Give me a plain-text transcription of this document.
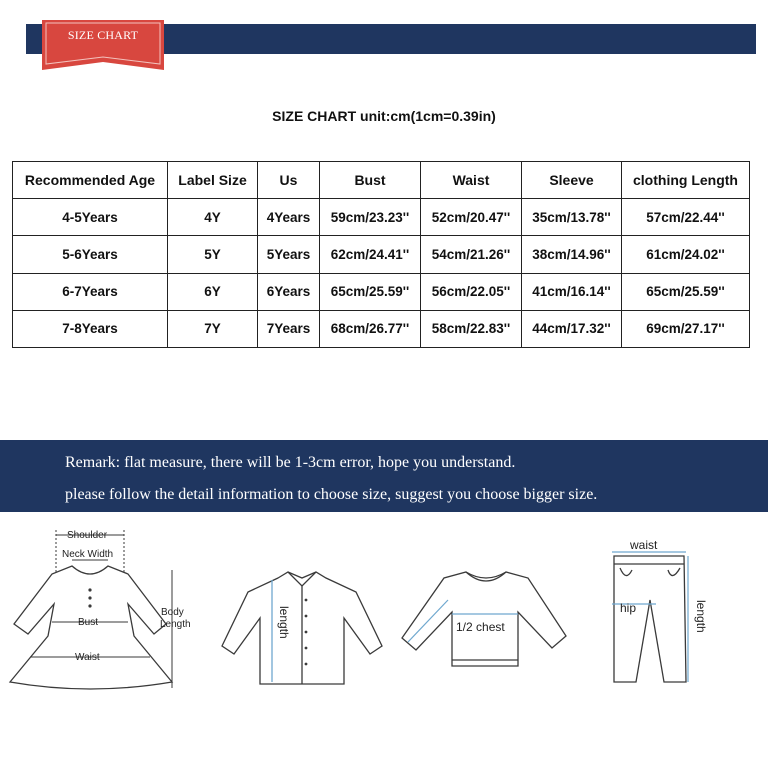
SIZE CHART
SIZE CHART unit:cm(1cm=0.39in)
Recommended Age	Label Size	Us	Bust	Waist	Sleeve	clothing Length
4-5Years	4Y	4Years	59cm/23.23''	52cm/20.47''	35cm/13.78''	57cm/22.44''
5-6Years	5Y	5Years	62cm/24.41''	54cm/21.26''	38cm/14.96''	61cm/24.02''
6-7Years	6Y	6Years	65cm/25.59''	56cm/22.05''	41cm/16.14''	65cm/25.59''
7-8Years	7Y	7Years	68cm/26.77''	58cm/22.83''	44cm/17.32''	69cm/27.17''
Remark: flat measure, there will be 1-3cm error, hope you understand.
please follow the detail information to choose size, suggest you choose bigger size.
Shoulder
Neck Width
Bust
Body
Length
Waist
length	1/2 chest
waist
hip	length
